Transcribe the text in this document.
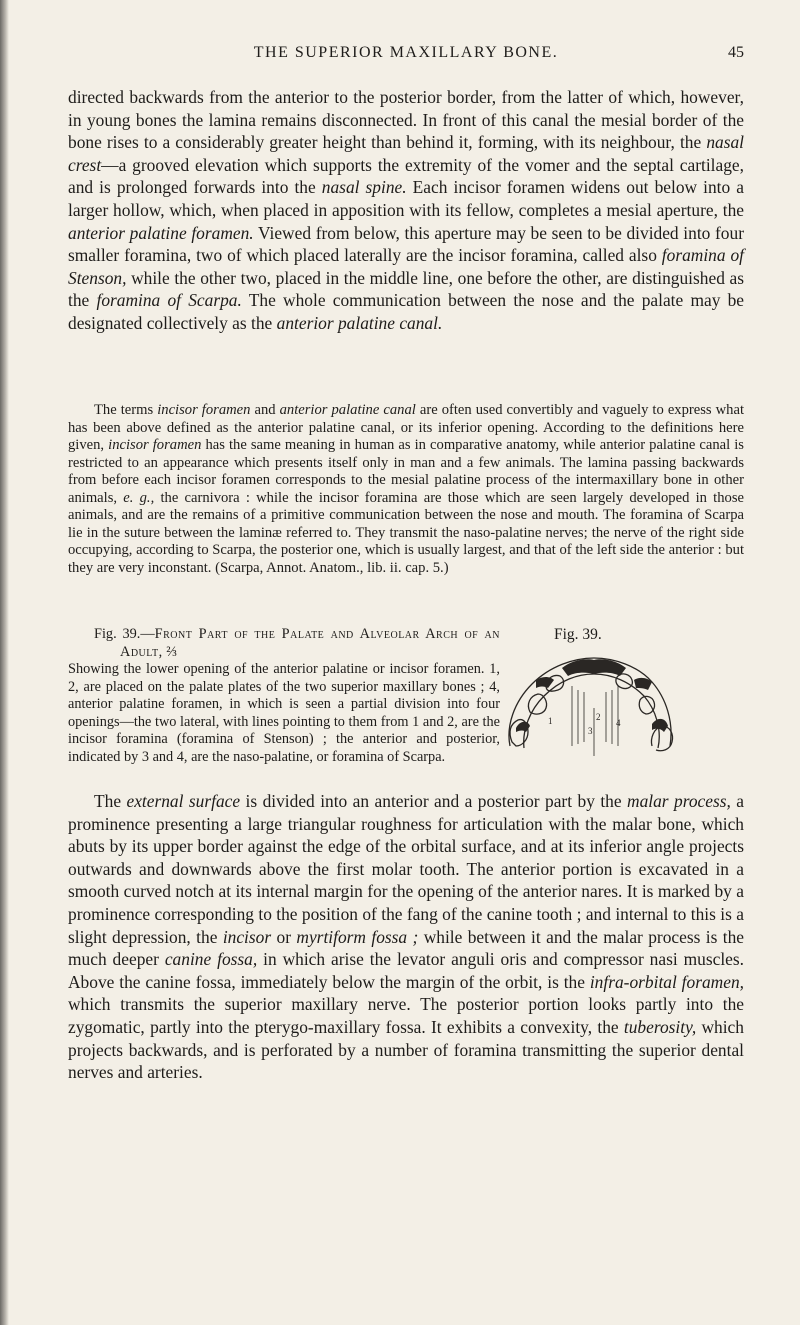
THE SUPERIOR MAXILLARY BONE.	45

directed backwards from the anterior to the posterior border, from the latter of which, however, in young bones the lamina remains disconnected. In front of this canal the mesial border of the bone rises to a considerably greater height than behind it, forming, with its neighbour, the nasal crest—a grooved elevation which supports the extremity of the vomer and the septal cartilage, and is prolonged forwards into the nasal spine. Each incisor foramen widens out below into a larger hollow, which, when placed in apposition with its fellow, completes a mesial aperture, the anterior palatine foramen. Viewed from below, this aperture may be seen to be divided into four smaller foramina, two of which placed laterally are the incisor foramina, called also foramina of Stenson, while the other two, placed in the middle line, one before the other, are distinguished as the foramina of Scarpa. The whole communication between the nose and the palate may be designated collectively as the anterior palatine canal.

The terms incisor foramen and anterior palatine canal are often used convertibly and vaguely to express what has been above defined as the anterior palatine canal, or its inferior opening. According to the definitions here given, incisor foramen has the same meaning in human as in comparative anatomy, while anterior palatine canal is restricted to an appearance which presents itself only in man and a few animals. The lamina passing backwards from before each incisor foramen corresponds to the mesial palatine process of the intermaxillary bone in other animals, e. g., the carnivora : while the incisor foramina are those which are seen largely developed in those animals, and are the remains of a primitive communication between the nose and mouth. The foramina of Scarpa lie in the suture between the laminæ referred to. They transmit the naso-palatine nerves; the nerve of the right side occupying, according to Scarpa, the posterior one, which is usually largest, and that of the left side the anterior : but they are very inconstant. (Scarpa, Annot. Anatom., lib. ii. cap. 5.)

Fig. 39.—Front Part of the Palate and Alveolar Arch of an Adult, ⅔

Showing the lower opening of the anterior palatine or incisor foramen. 1, 2, are placed on the palate plates of the two superior maxillary bones ; 4, anterior palatine foramen, in which is seen a partial division into four openings—the two lateral, with lines pointing to them from 1 and 2, are the incisor foramina (foramina of Stenson) ; the anterior and posterior, indicated by 3 and 4, are the naso-palatine, or foramina of Scarpa.

Fig. 39.
1	2
3
4

The external surface is divided into an anterior and a posterior part by the malar process, a prominence presenting a large triangular roughness for articulation with the malar bone, which abuts by its upper border against the edge of the orbital surface, and at its inferior angle projects outwards and downwards above the first molar tooth. The anterior portion is excavated in a smooth curved notch at its internal margin for the opening of the anterior nares. It is marked by a prominence corresponding to the position of the fang of the canine tooth ; and internal to this is a slight depression, the incisor or myrtiform fossa ; while between it and the malar process is the much deeper canine fossa, in which arise the levator anguli oris and compressor nasi muscles. Above the canine fossa, immediately below the margin of the orbit, is the infra-orbital foramen, which transmits the superior maxillary nerve. The posterior portion looks partly into the zygomatic, partly into the pterygo-maxillary fossa. It exhibits a convexity, the tuberosity, which projects backwards, and is perforated by a number of foramina transmitting the superior dental nerves and arteries.
